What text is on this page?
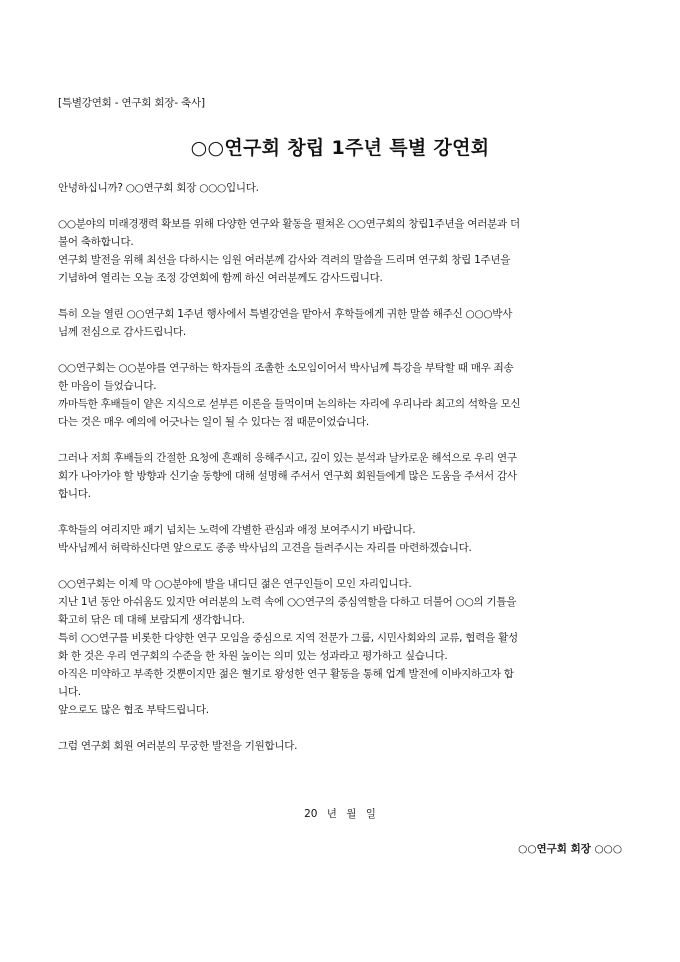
[특별강연회 - 연구회 회장- 축사]
○○연구회 창립 1주년 특별 강연회
안녕하십니까? ○○연구회 회장 ○○○입니다.
○○분야의 미래경쟁력 확보를 위해 다양한 연구와 활동을 펼쳐온 ○○연구회의 창립1주년을 여러분과 더
불어 축하합니다.
연구회 발전을 위해 최선을 다하시는 임원 여러분께 감사와 격려의 말씀을 드리며 연구회 창립 1주년을
기념하여 열리는 오늘 조정 강연회에 함께 하신 여러분께도 감사드립니다.
특히 오늘 열린 ○○연구회 1주년 행사에서 특별강연을 맡아서 후학들에게 귀한 말씀 해주신 ○○○박사
님께 전심으로 감사드립니다.
○○연구회는 ○○분야를 연구하는 학자들의 조촐한 소모임이어서 박사님께 특강을 부탁할 때 매우 죄송
한 마음이 들었습니다.
까마득한 후배들이 얕은 지식으로 섣부른 이론을 들먹이며 논의하는 자리에 우리나라 최고의 석학을 모신
다는 것은 매우 예의에 어긋나는 일이 될 수 있다는 점 때문이었습니다.
그러나 저희 후배들의 간절한 요청에 흔쾌히 응해주시고, 깊이 있는 분석과 날카로운 해석으로 우리 연구
회가 나아가야 할 방향과 신기술 동향에 대해 설명해 주셔서 연구회 회원들에게 많은 도움을 주셔서 감사
합니다.
후학들의 여리지만 패기 넘치는 노력에 각별한 관심과 애정 보여주시기 바랍니다.
박사님께서 허락하신다면 앞으로도 종종 박사님의 고견을 들려주시는 자리를 마련하겠습니다.
○○연구회는 이제 막 ○○분야에 발을 내디딘 젊은 연구인들이 모인 자리입니다.
지난 1년 동안 아쉬움도 있지만 여러분의 노력 속에 ○○연구의 중심역할을 다하고 더불어 ○○의 기틀을
확고히 닦은 데 대해 보람되게 생각합니다.
특히 ○○연구를 비롯한 다양한 연구 모임을 중심으로 지역 전문가 그룹, 시민사회와의 교류, 협력을 활성
화 한 것은 우리 연구회의 수준을 한 차원 높이는 의미 있는 성과라고 평가하고 싶습니다.
아직은 미약하고 부족한 것뿐이지만 젊은 혈기로 왕성한 연구 활동을 통해 업계 발전에 이바지하고자 합
니다.
앞으로도 많은 협조 부탁드립니다.
그럼 연구회 회원 여러분의 무궁한 발전을 기원합니다.
20 년 월 일
○○연구회 회장 ○○○
